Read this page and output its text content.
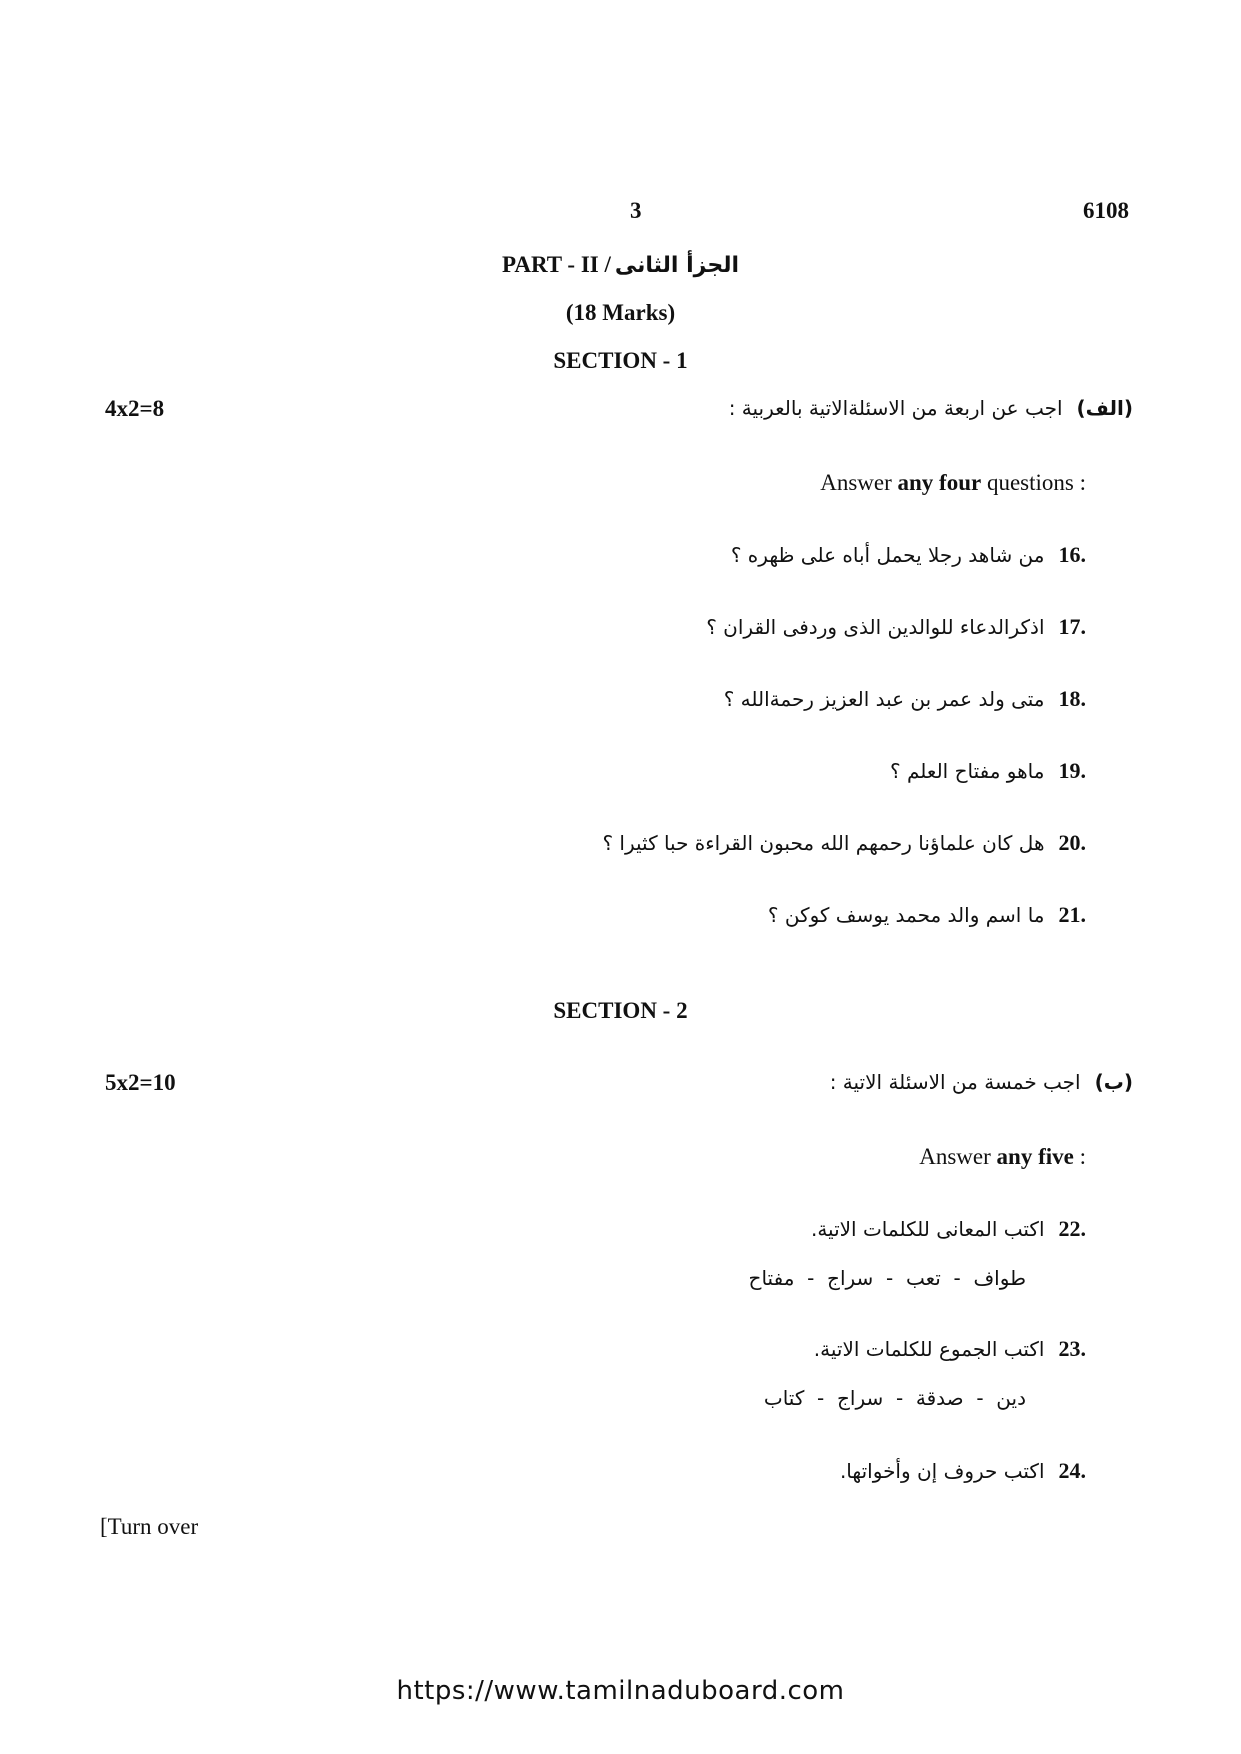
3	6108
PART - II / الجزأ الثانى
(18 Marks)
SECTION - 1
4x2=8	اجب عن اربعة من الاسئلةالاتية بالعربية : (الف)
Answer any four questions :
من شاهد رجلا يحمل أباه على ظهره ؟ 16.
اذكرالدعاء للوالدين الذى وردفى القران ؟ 17.
متى ولد عمر بن عبد العزيز رحمةالله ؟ 18.
ماهو مفتاح العلم ؟ 19.
هل كان علماؤنا رحمهم الله محبون القراءة حبا كثيرا ؟ 20.
ما اسم والد محمد يوسف كوكن ؟ 21.
SECTION - 2
5x2=10	اجب خمسة من الاسئلة الاتية : (ب)
Answer any five :
اكتب المعانى للكلمات الاتية. 22.
طواف  -  تعب  -  سراج  -  مفتاح
اكتب الجموع للكلمات الاتية. 23.
دين  -  صدقة  -  سراج  -  كتاب
اكتب حروف إن وأخواتها. 24.
[Turn over
https://www.tamilnaduboard.com
